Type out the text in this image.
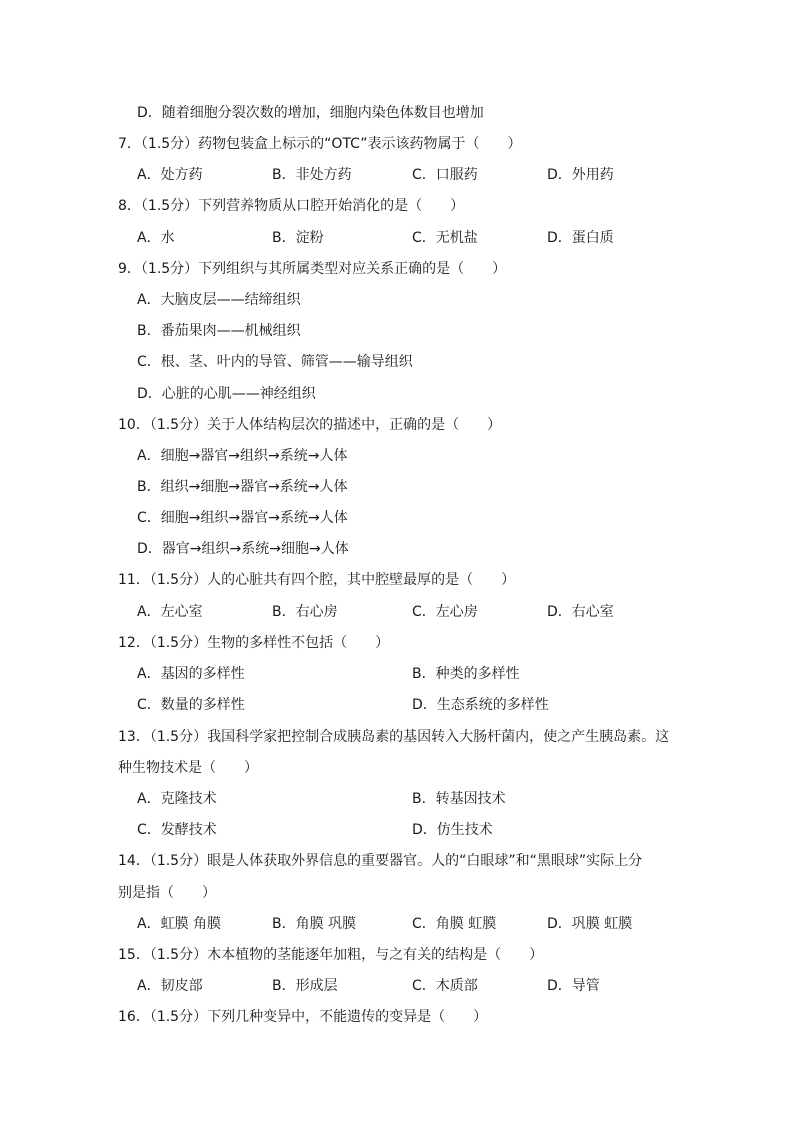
D．随着细胞分裂次数的增加，细胞内染色体数目也增加
7．（1.5分）药物包装盒上标示的“OTC”表示该药物属于（　　）
A．处方药	B．非处方药	C．口服药	D．外用药
8．（1.5分）下列营养物质从口腔开始消化的是（　　）
A．水	B．淀粉	C．无机盐	D．蛋白质
9．（1.5分）下列组织与其所属类型对应关系正确的是（　　）
A．大脑皮层——结缔组织
B．番茄果肉——机械组织
C．根、茎、叶内的导管、筛管——输导组织
D．心脏的心肌——神经组织
10．（1.5分）关于人体结构层次的描述中，正确的是（　　）
A．细胞→器官→组织→系统→人体
B．组织→细胞→器官→系统→人体
C．细胞→组织→器官→系统→人体
D．器官→组织→系统→细胞→人体
11．（1.5分）人的心脏共有四个腔，其中腔壁最厚的是（　　）
A．左心室	B．右心房	C．左心房	D．右心室
12．（1.5分）生物的多样性不包括（　　）
A．基因的多样性	B．种类的多样性
C．数量的多样性	D．生态系统的多样性
13．（1.5分）我国科学家把控制合成胰岛素的基因转入大肠杆菌内，使之产生胰岛素。这
种生物技术是（　　）
A．克隆技术	B．转基因技术
C．发酵技术	D．仿生技术
14．（1.5分）眼是人体获取外界信息的重要器官。人的“白眼球”和“黑眼球”实际上分
别是指（　　）
A．虹膜 角膜	B．角膜 巩膜	C．角膜 虹膜	D．巩膜 虹膜
15．（1.5分）木本植物的茎能逐年加粗，与之有关的结构是（　　）
A．韧皮部	B．形成层	C．木质部	D．导管
16．（1.5分）下列几种变异中，不能遗传的变异是（　　）
